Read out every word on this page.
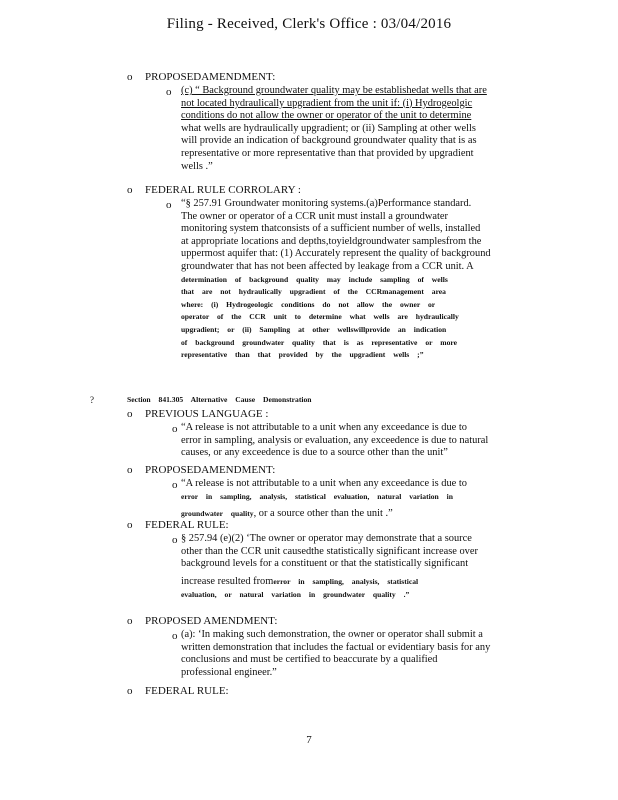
Filing - Received, Clerk's Office : 03/04/2016
o PROPOSEDAMENDMENT:
o (c) “ Background groundwater quality may be establishedat wells that are
not located hydraulically upgradient from the unit if: (i) Hydrogeolgic
conditions do not allow the owner or operator of the unit to determine
what wells are hydraulically upgradient; or (ii) Sampling at other wells
will provide an indication of background groundwater quality that is as
representative or more representative than that provided by upgradient
wells .”
o FEDERAL RULE CORROLARY :
o “§ 257.91 Groundwater monitoring systems.(a)Performance standard.
The owner or operator of a CCR unit must install a groundwater
monitoring system thatconsists of a sufficient number of wells, installed
at appropriate locations and depths,toyieldgroundwater samplesfrom the
uppermost aquifer that: (1) Accurately represent the quality of background
groundwater that has not been affected by leakage from a CCR unit. A
determination of background quality may include sampling of wells
that are not hydraulically upgradient of the CCRmanagement area
where: (i) Hydrogeologic conditions do not allow the owner or
operator of the CCR unit to determine what wells are hydraulically
upgradient; or (ii) Sampling at other wellswillprovide an indication
of background groundwater quality that is as representative or more
representative than that provided by the upgradient wells ;”
?	Section 841.305 Alternative Cause Demonstration
o PREVIOUS LANGUAGE :
o “A release is not attributable to a unit when any exceedance is due to
error in sampling, analysis or evaluation, any exceedence is due to natural
causes, or any exceedence is due to a source other than the unit”
o PROPOSEDAMENDMENT:
o “A release is not attributable to a unit when any exceedance is due to
error in sampling, analysis, statistical evaluation, natural variation in
groundwater quality, or a source other than the unit .”
o FEDERAL RULE:
o § 257.94 (e)(2) ‘The owner or operator may demonstrate that a source
other than the CCR unit causedthe statistically significant increase over
background levels for a constituent or that the statistically significant
increase resulted fromerror in sampling, analysis, statistical
evaluation, or natural variation in groundwater quality .”
o PROPOSED AMENDMENT:
o (a): ‘In making such demonstration, the owner or operator shall submit a
written demonstration that includes the factual or evidentiary basis for any
conclusions and must be certified to beaccurate by a qualified
professional engineer.”
o FEDERAL RULE:
7
